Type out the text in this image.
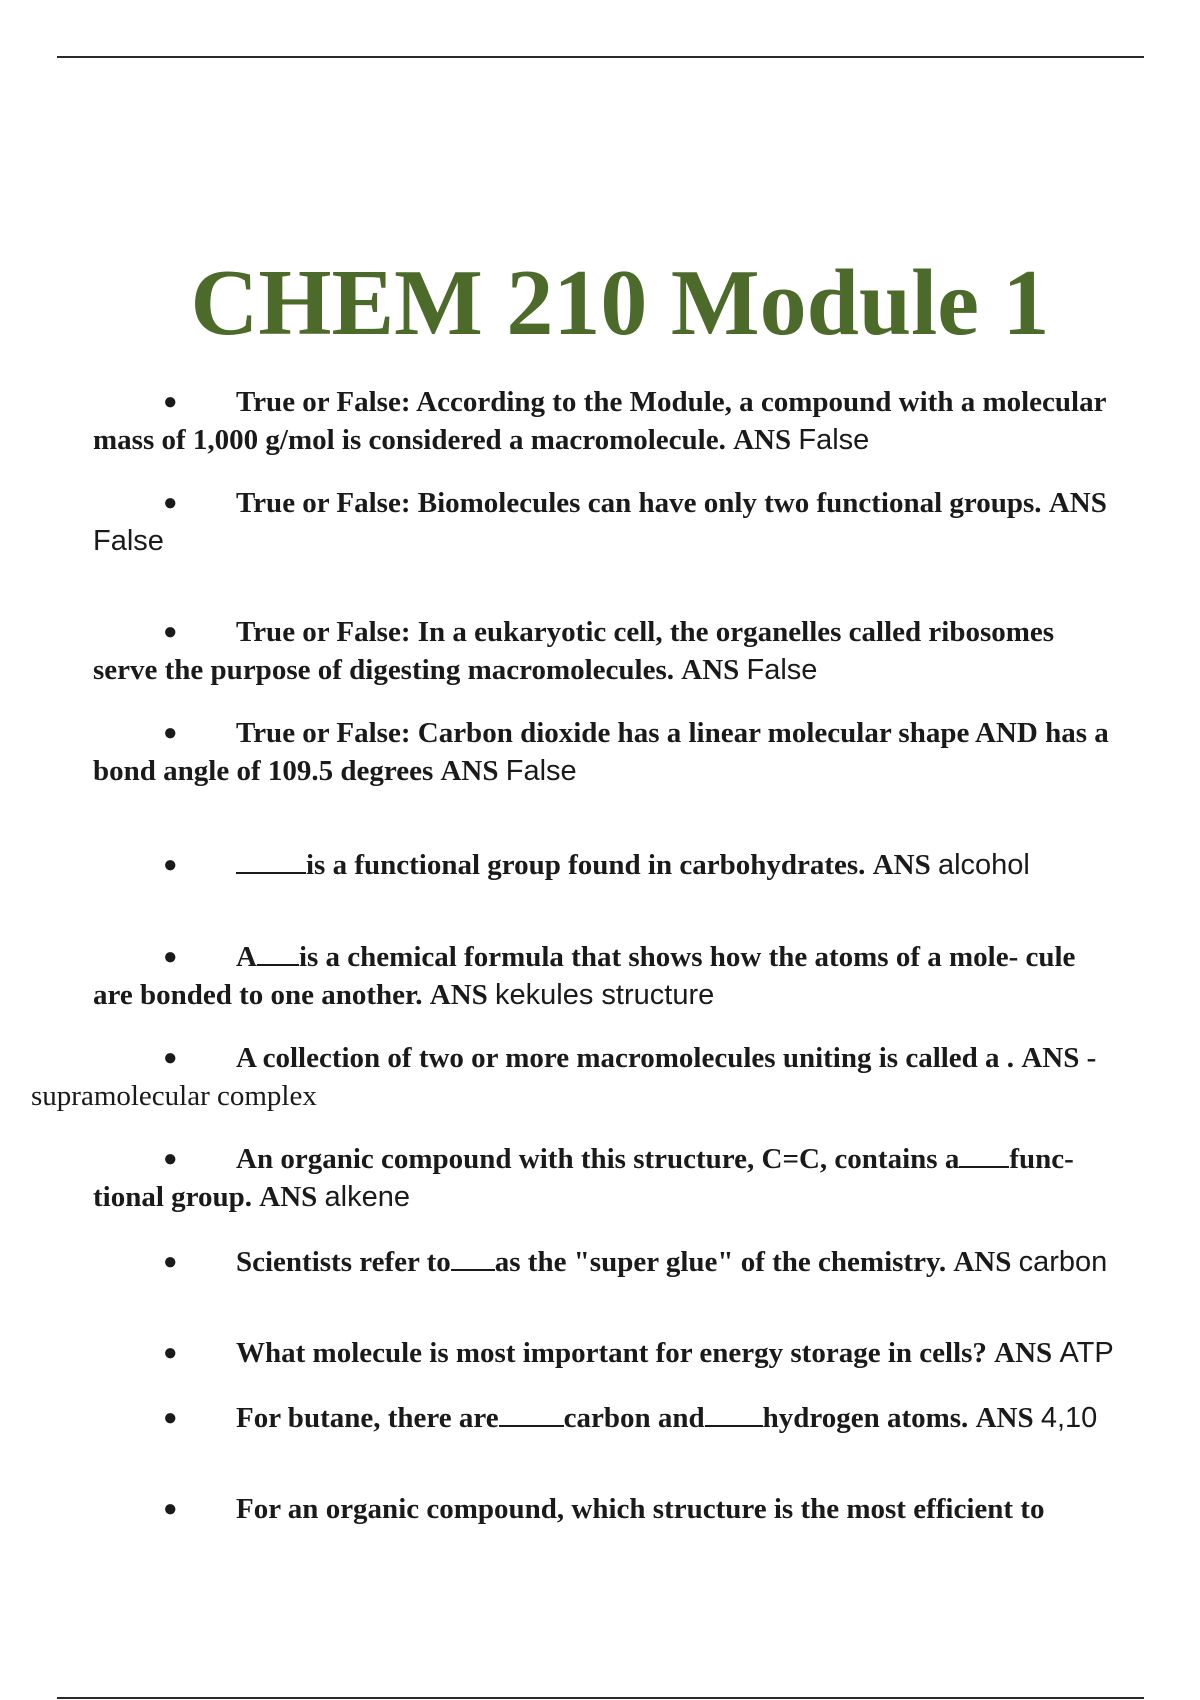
CHEM 210 Module 1
● True or False: According to the Module, a compound with a molecular
mass of 1,000 g/mol is considered a macromolecule. ANS False
● True or False: Biomolecules can have only two functional groups. ANS
False
● True or False: In a eukaryotic cell, the organelles called ribosomes
serve the purpose of digesting macromolecules. ANS False
● True or False: Carbon dioxide has a linear molecular shape AND has a
bond angle of 109.5 degrees ANS False
●	is a functional group found in carbohydrates. ANS alcohol
● A is a chemical formula that shows how the atoms of a mole- cule
are bonded to one another. ANS kekules structure
● A collection of two or more macromolecules uniting is called a . ANS -
supramolecular complex
● An organic compound with this structure, C=C, contains a func-
tional group. ANS alkene
● Scientists refer to as the "super glue" of the chemistry. ANS carbon
● What molecule is most important for energy storage in cells? ANS ATP
● For butane, there are carbon and hydrogen atoms. ANS 4,10
● For an organic compound, which structure is the most efficient to
